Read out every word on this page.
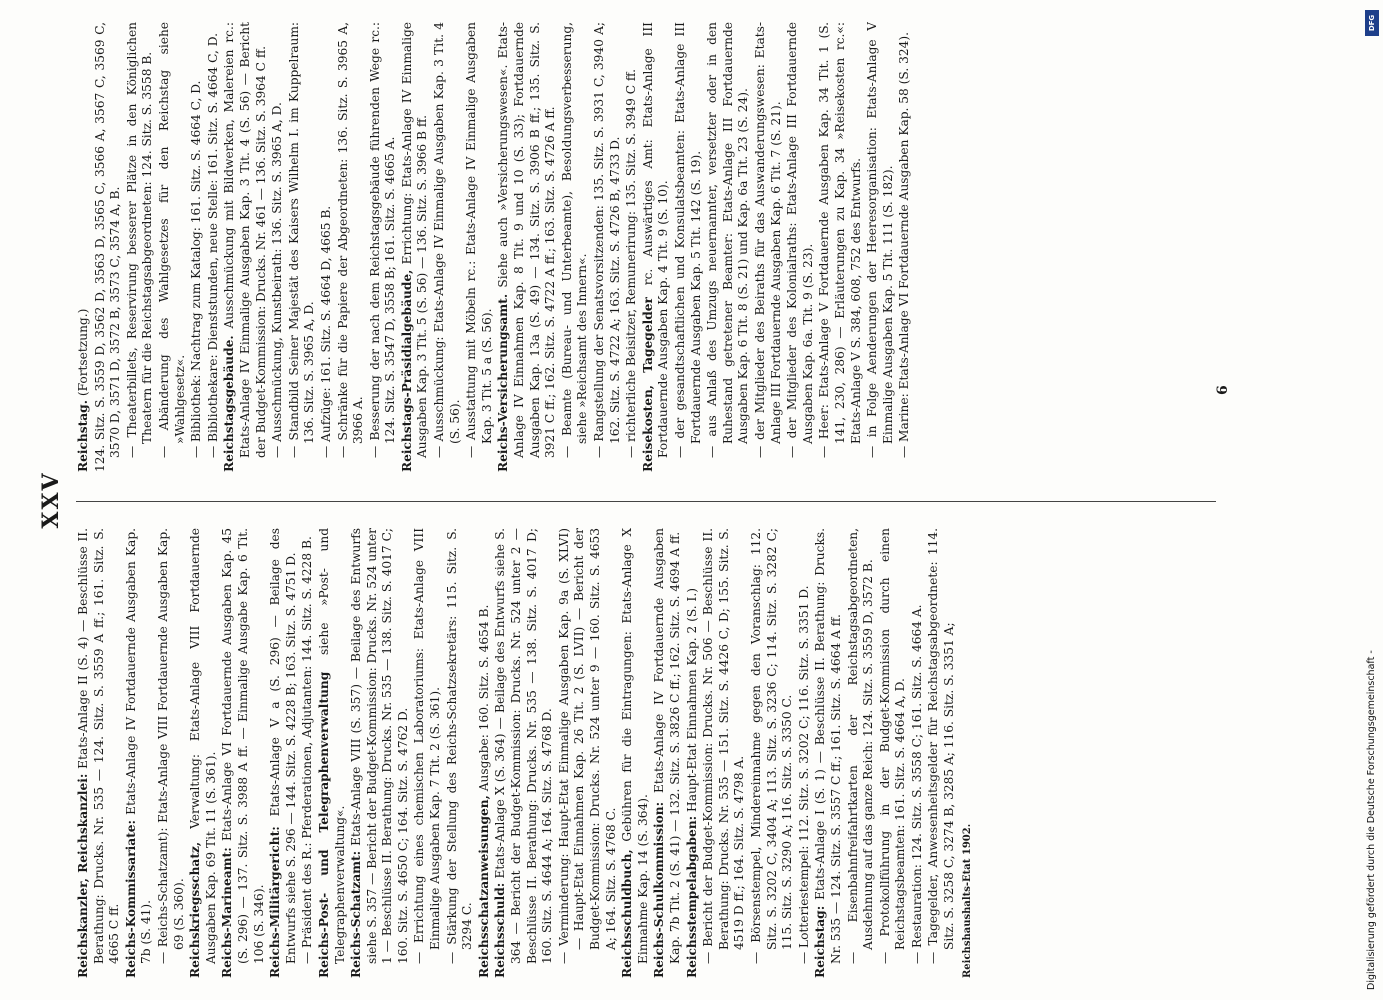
XXV

Reichskanzler, Reichskanzlei: Etats-Anlage II (S. 4) — Beschlüsse II. Berathung: Drucks. Nr. 535 — 124. Sitz. S. 3559 A ff.; 161. Sitz. S. 4665 C ff. Reichs-Kommissariate: Etats-Anlage IV Fortdauernde Ausgaben Kap. 7b (S. 41). — Reichs-Schatzamt): Etats-Anlage VIII Fortdauernde Ausgaben Kap. 69 (S. 360). Reichskriegsschatz, Verwaltung: Etats-Anlage VIII Fortdauernde Ausgaben Kap. 69 Tit. 11 (S. 361). Reichs-Marineamt: Etats-Anlage VI Fortdauernde Ausgaben Kap. 45 (S. 296) — 137. Sitz. S. 3988 A ff. — Einmalige Ausgabe Kap. 6 Tit. 106 (S. 346). Reichs-Militärgericht: Etats-Anlage V a (S. 296) — Beilage des Entwurfs siehe S. 296 — 144. Sitz. S. 4228 B; 163. Sitz. S. 4751 D. — Präsident des R.: Pferderationen, Adjutanten: 144. Sitz. S. 4228 B. Reichs-Post- und Telegraphenverwaltung siehe »Post- und Telegraphenverwaltung«. Reichs-Schatzamt: Etats-Anlage VIII (S. 357) — Beilage des Entwurfs siehe S. 357 — Bericht der Budget-Kommission: Drucks. Nr. 524 unter 1 — Beschlüsse II. Berathung: Drucks. Nr. 535 — 138. Sitz. S. 4017 C; 160. Sitz. S. 4650 C; 164. Sitz. S. 4762 D. — Errichtung eines chemischen Laboratoriums: Etats-Anlage VIII Einmalige Ausgaben Kap. 7 Tit. 2 (S. 361). — Stärkung der Stellung des Reichs-Schatzsekretärs: 115. Sitz. S. 3294 C. Reichsschatzanweisungen, Ausgabe: 160. Sitz. S. 4654 B.

Reichsschuld: Etats-Anlage X (S. 364) — Beilage des Entwurfs siehe S. 364 — Bericht der Budget-Kommission: Drucks. Nr. 524 unter 2 — Beschlüsse II. Berathung: Drucks. Nr. 535 — 138. Sitz. S. 4017 D; 160. Sitz. S. 4644 A; 164. Sitz. S. 4768 D. — Verminderung: Haupt-Etat Einmalige Ausgaben Kap. 9a (S. XLVI) — Haupt-Etat Einnahmen Kap. 26 Tit. 2 (S. LVII) — Bericht der Budget-Kommission: Drucks. Nr. 524 unter 9 — 160. Sitz. S. 4653 A; 164. Sitz. S. 4768 C. Reichsschuldbuch, Gebühren für die Eintragungen: Etats-Anlage X Einnahme Kap. 14 (S. 364). Reichs-Schulkommission: Etats-Anlage IV Fortdauernde Ausgaben Kap. 7b Tit. 2 (S. 41) — 132. Sitz. S. 3826 C ff.; 162. Sitz. S. 4694 A ff. Reichsstempelabgaben: Haupt-Etat Einnahmen Kap. 2 (S. I.) — Bericht der Budget-Kommission: Drucks. Nr. 506 — Beschlüsse II. Berathung: Drucks. Nr. 535 — 151. Sitz. S. 4426 C, D; 155. Sitz. S. 4519 D ff.; 164. Sitz. S. 4798 A. — Börsenstempel, Mindereinnahme gegen den Voranschlag: 112. Sitz. S. 3202 C, 3404 A; 113. Sitz. S. 3236 C; 114. Sitz. S. 3282 C; 115. Sitz. S. 3290 A; 116. Sitz. S. 3350 C. — Lotteriestempel: 112. Sitz. S. 3202 C; 116. Sitz. S. 3351 D. Reichstag: Etats-Anlage I (S. 1) — Beschlüsse II. Berathung: Drucks. Nr. 535 — 124. Sitz. S. 3557 C ff.; 161. Sitz. S. 4664 A ff. — Eisenbahnfreifahrtkarten der Reichstagsabgeordneten, Ausdehnung auf das ganze Reich: 124. Sitz. S. 3559 D, 3572 B. — Protokollführung in der Budget-Kommission durch einen Reichstagsbeamten: 161. Sitz. S. 4664 A, D. — Restauration: 124. Sitz. S. 3558 C; 161. Sitz. S. 4664 A. — Tagegelder, Anwesenheitsgelder für Reichstagsabgeordnete: 114. Sitz. S. 3258 C, 3274 B, 3285 A; 116. Sitz. S. 3351 A; Reichshaushalts-Etat 1902.

Reichstag. (Fortsetzung.) 124. Sitz. S. 3559 D, 3562 D, 3563 D, 3565 C, 3566 A, 3567 C, 3569 C, 3570 D, 3571 D, 3572 B, 3573 C, 3574 A, B. — Theaterbillets, Reservirung besserer Plätze in den Königlichen Theatern für die Reichstagsabgeordneten: 124. Sitz. S. 3558 B. — Abänderung des Wahlgesetzes für den Reichstag siehe »Wahlgesetz«. — Bibliothek: Nachtrag zum Katalog: 161. Sitz. S. 4664 C, D. — Bibliothekare: Dienststunden, neue Stelle: 161. Sitz. S. 4664 C, D. Reichstagsgebäude. Ausschmückung mit Bildwerken, Malereien rc.: Etats-Anlage IV Einmalige Ausgaben Kap. 3 Tit. 4 (S. 56) — Bericht der Budget-Kommission: Drucks. Nr. 461 — 136. Sitz. S. 3964 C ff. — Ausschmückung, Kunstbeirath: 136. Sitz. S. 3965 A, D. — Standbild Seiner Majestät des Kaisers Wilhelm I. im Kuppelraum: 136. Sitz. S. 3965 A, D. — Aufzüge: 161. Sitz. S. 4664 D, 4665 B. — Schränke für die Papiere der Abgeordneten: 136. Sitz. S. 3965 A, 3966 A. — Besserung der nach dem Reichstagsgebäude führenden Wege rc.: 124. Sitz. S. 3547 D, 3558 B; 161. Sitz. S. 4665 A. Reichstags-Präsidialgebäude, Errichtung: Etats-Anlage IV Einmalige Ausgaben Kap. 3 Tit. 5 (S. 56) — 136. Sitz. S. 3966 B ff. — Ausschmückung: Etats-Anlage IV Einmalige Ausgaben Kap. 3 Tit. 4 (S. 56). — Ausstattung mit Möbeln rc.: Etats-Anlage IV Einmalige Ausgaben Kap. 3 Tit. 5 a (S. 56). Reichs-Versicherungsamt. Siehe auch »Versicherungswesen«. Etats-Anlage IV Einnahmen Kap. 8 Tit. 9 und 10 (S. 33); Fortdauernde Ausgaben Kap. 13a (S. 49) — 134. Sitz. S. 3906 B ff.; 135. Sitz. S. 3921 C ff.; 162. Sitz. S. 4722 A ff.; 163. Sitz. S. 4726 A ff. — Beamte (Bureau- und Unterbeamte), Besoldungsverbesserung, siehe »Reichsamt des Innern«. — Rangstellung der Senatsvorsitzenden: 135. Sitz. S. 3931 C, 3940 A; 162. Sitz. S. 4722 A; 163. Sitz. S. 4726 B, 4733 D. — richterliche Beisitzer, Remunerirung: 135. Sitz. S. 3949 C ff. Reisekosten, Tagegelder rc. Auswärtiges Amt: Etats-Anlage III Fortdauernde Ausgaben Kap. 4 Tit. 9 (S. 10). — der gesandtschaftlichen und Konsulatsbeamten: Etats-Anlage III Fortdauernde Ausgaben Kap. 5 Tit. 142 (S. 19). — aus Anlaß des Umzugs neuernannter, versetzter oder in den Ruhestand getretener Beamter: Etats-Anlage III Fortdauernde Ausgaben Kap. 6 Tit. 8 (S. 21) und Kap. 6a Tit. 23 (S. 24). — der Mitglieder des Beiraths für das Auswanderungswesen: Etats-Anlage III Fortdauernde Ausgaben Kap. 6 Tit. 7 (S. 21). — der Mitglieder des Kolonialraths: Etats-Anlage III Fortdauernde Ausgaben Kap. 6a. Tit. 9 (S. 23). — Heer: Etats-Anlage V Fortdauernde Ausgaben Kap. 34 Tit. 1 (S. 141, 230, 286) — Erläuterungen zu Kap. 34 »Reisekosten rc.«: Etats-Anlage V S. 384, 608, 752 des Entwurfs. — in Folge Aenderungen der Heeresorganisation: Etats-Anlage V Einmalige Ausgaben Kap. 5 Tit. 111 (S. 182). — Marine: Etats-Anlage VI Fortdauernde Ausgaben Kap. 58 (S. 324).	6
DFG
Digitalisierung gefördert durch die Deutsche Forschungsgemeinschaft -
